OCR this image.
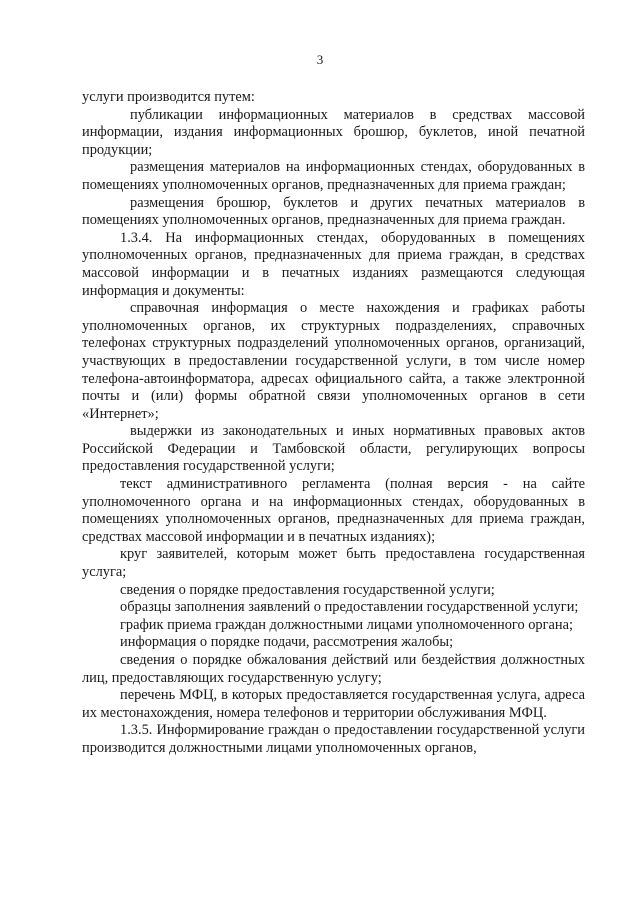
3

услуги производится путем:

публикации информационных материалов в средствах массовой информации, издания информационных брошюр, буклетов, иной печатной продукции;

размещения материалов на информационных стендах, оборудованных в помещениях уполномоченных органов, предназначенных для приема граждан;

размещения брошюр, буклетов и других печатных материалов в помещениях уполномоченных органов, предназначенных для приема граждан.

1.3.4. На информационных стендах, оборудованных в помещениях уполномоченных органов, предназначенных для приема граждан, в средствах массовой информации и в печатных изданиях размещаются следующая информация и документы:

справочная информация о месте нахождения и графиках работы уполномоченных органов, их структурных подразделениях, справочных телефонах структурных подразделений уполномоченных органов, организаций, участвующих в предоставлении государственной услуги, в том числе номер телефона-автоинформатора, адресах официального сайта, а также электронной почты и (или) формы обратной связи уполномоченных органов в сети «Интернет»;

выдержки из законодательных и иных нормативных правовых актов Российской Федерации и Тамбовской области, регулирующих вопросы предоставления государственной услуги;

текст административного регламента (полная версия - на сайте уполномоченного органа и на информационных стендах, оборудованных в помещениях уполномоченных органов, предназначенных для приема граждан, средствах массовой информации и в печатных изданиях);

круг заявителей, которым может быть предоставлена государственная услуга;

сведения о порядке предоставления государственной услуги;

образцы заполнения заявлений о предоставлении государственной услуги;

график приема граждан должностными лицами уполномоченного органа;

информация о порядке подачи, рассмотрения жалобы;

сведения о порядке обжалования действий или бездействия должностных лиц, предоставляющих государственную услугу;

перечень МФЦ, в которых предоставляется государственная услуга, адреса их местонахождения, номера телефонов и территории обслуживания МФЦ.

1.3.5. Информирование граждан о предоставлении государственной услуги производится должностными лицами уполномоченных органов,
